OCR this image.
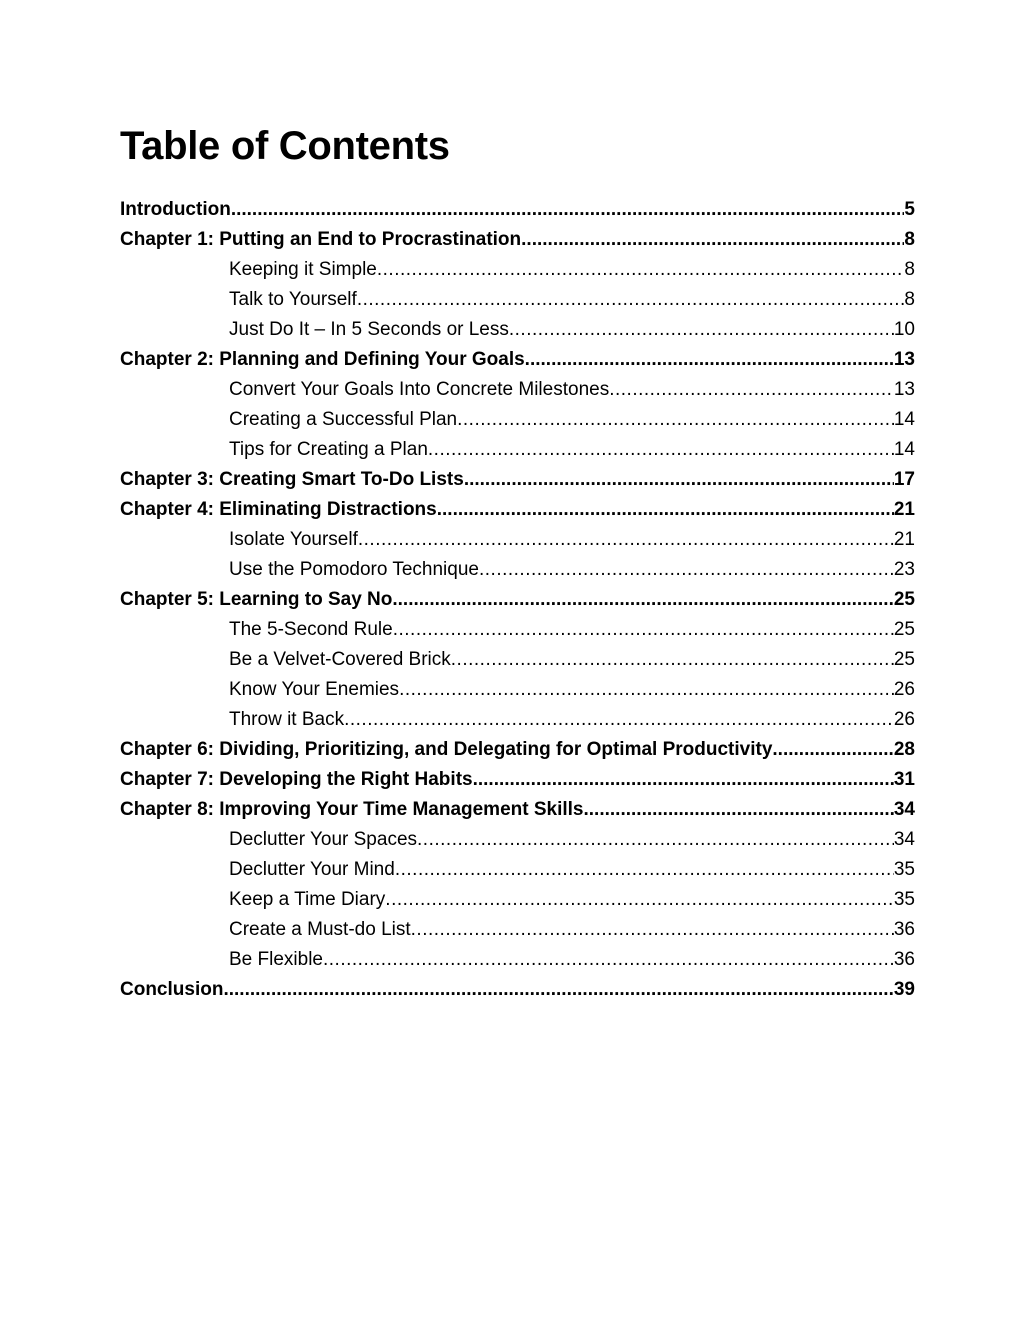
Table of Contents
Introduction .....	5
Chapter 1: Putting an End to Procrastination .....	8
Keeping it Simple .....	8
Talk to Yourself .....	8
Just Do It – In 5 Seconds or Less .....	10
Chapter 2: Planning and Defining Your Goals .....	13
Convert Your Goals Into Concrete Milestones .....	13
Creating a Successful Plan .....	14
Tips for Creating a Plan .....	14
Chapter 3: Creating Smart To-Do Lists .....	17
Chapter 4: Eliminating Distractions .....	21
Isolate Yourself .....	21
Use the Pomodoro Technique .....	23
Chapter 5: Learning to Say No .....	25
The 5-Second Rule .....	25
Be a Velvet-Covered Brick .....	25
Know Your Enemies .....	26
Throw it Back .....	26
Chapter 6: Dividing, Prioritizing, and Delegating for Optimal Productivity .....	28
Chapter 7: Developing the Right Habits .....	31
Chapter 8: Improving Your Time Management Skills .....	34
Declutter Your Spaces .....	34
Declutter Your Mind .....	35
Keep a Time Diary .....	35
Create a Must-do List .....	36
Be Flexible .....	36
Conclusion .....	39
